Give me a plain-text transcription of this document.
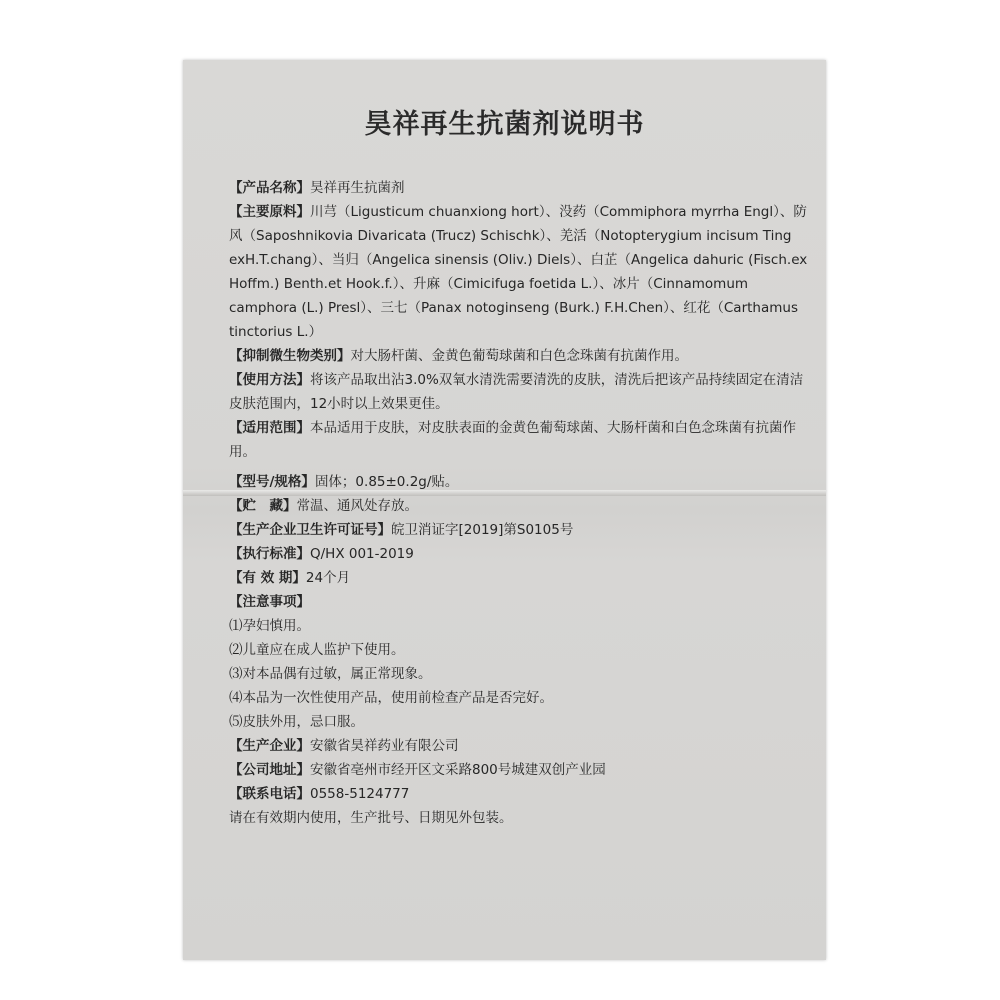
昊祥再生抗菌剂说明书

【产品名称】昊祥再生抗菌剂

【主要原料】川芎（Ligusticum chuanxiong hort）、没药（Commiphora myrrha Engl）、防风（Saposhnikovia Divaricata (Trucz) Schischk）、羌活（Notopterygium incisum Ting exH.T.chang）、当归（Angelica sinensis (Oliv.) Diels）、白芷（Angelica dahuric (Fisch.ex Hoffm.) Benth.et Hook.f.）、升麻（Cimicifuga foetida L.）、冰片（Cinnamomum camphora (L.) Presl）、三七（Panax notoginseng (Burk.) F.H.Chen）、红花（Carthamus tinctorius L.）

【抑制微生物类别】对大肠杆菌、金黄色葡萄球菌和白色念珠菌有抗菌作用。

【使用方法】将该产品取出沾3.0%双氧水清洗需要清洗的皮肤，清洗后把该产品持续固定在清洁皮肤范围内，12小时以上效果更佳。

【适用范围】本品适用于皮肤，对皮肤表面的金黄色葡萄球菌、大肠杆菌和白色念珠菌有抗菌作用。

【型号/规格】固体；0.85±0.2g/贴。

【贮　藏】常温、通风处存放。

【生产企业卫生许可证号】皖卫消证字[2019]第S0105号

【执行标准】Q/HX 001-2019

【有 效 期】24个月

【注意事项】

⑴孕妇慎用。

⑵儿童应在成人监护下使用。

⑶对本品偶有过敏，属正常现象。

⑷本品为一次性使用产品，使用前检查产品是否完好。

⑸皮肤外用，忌口服。

【生产企业】安徽省昊祥药业有限公司

【公司地址】安徽省亳州市经开区文采路800号城建双创产业园

【联系电话】0558-5124777

请在有效期内使用，生产批号、日期见外包装。
